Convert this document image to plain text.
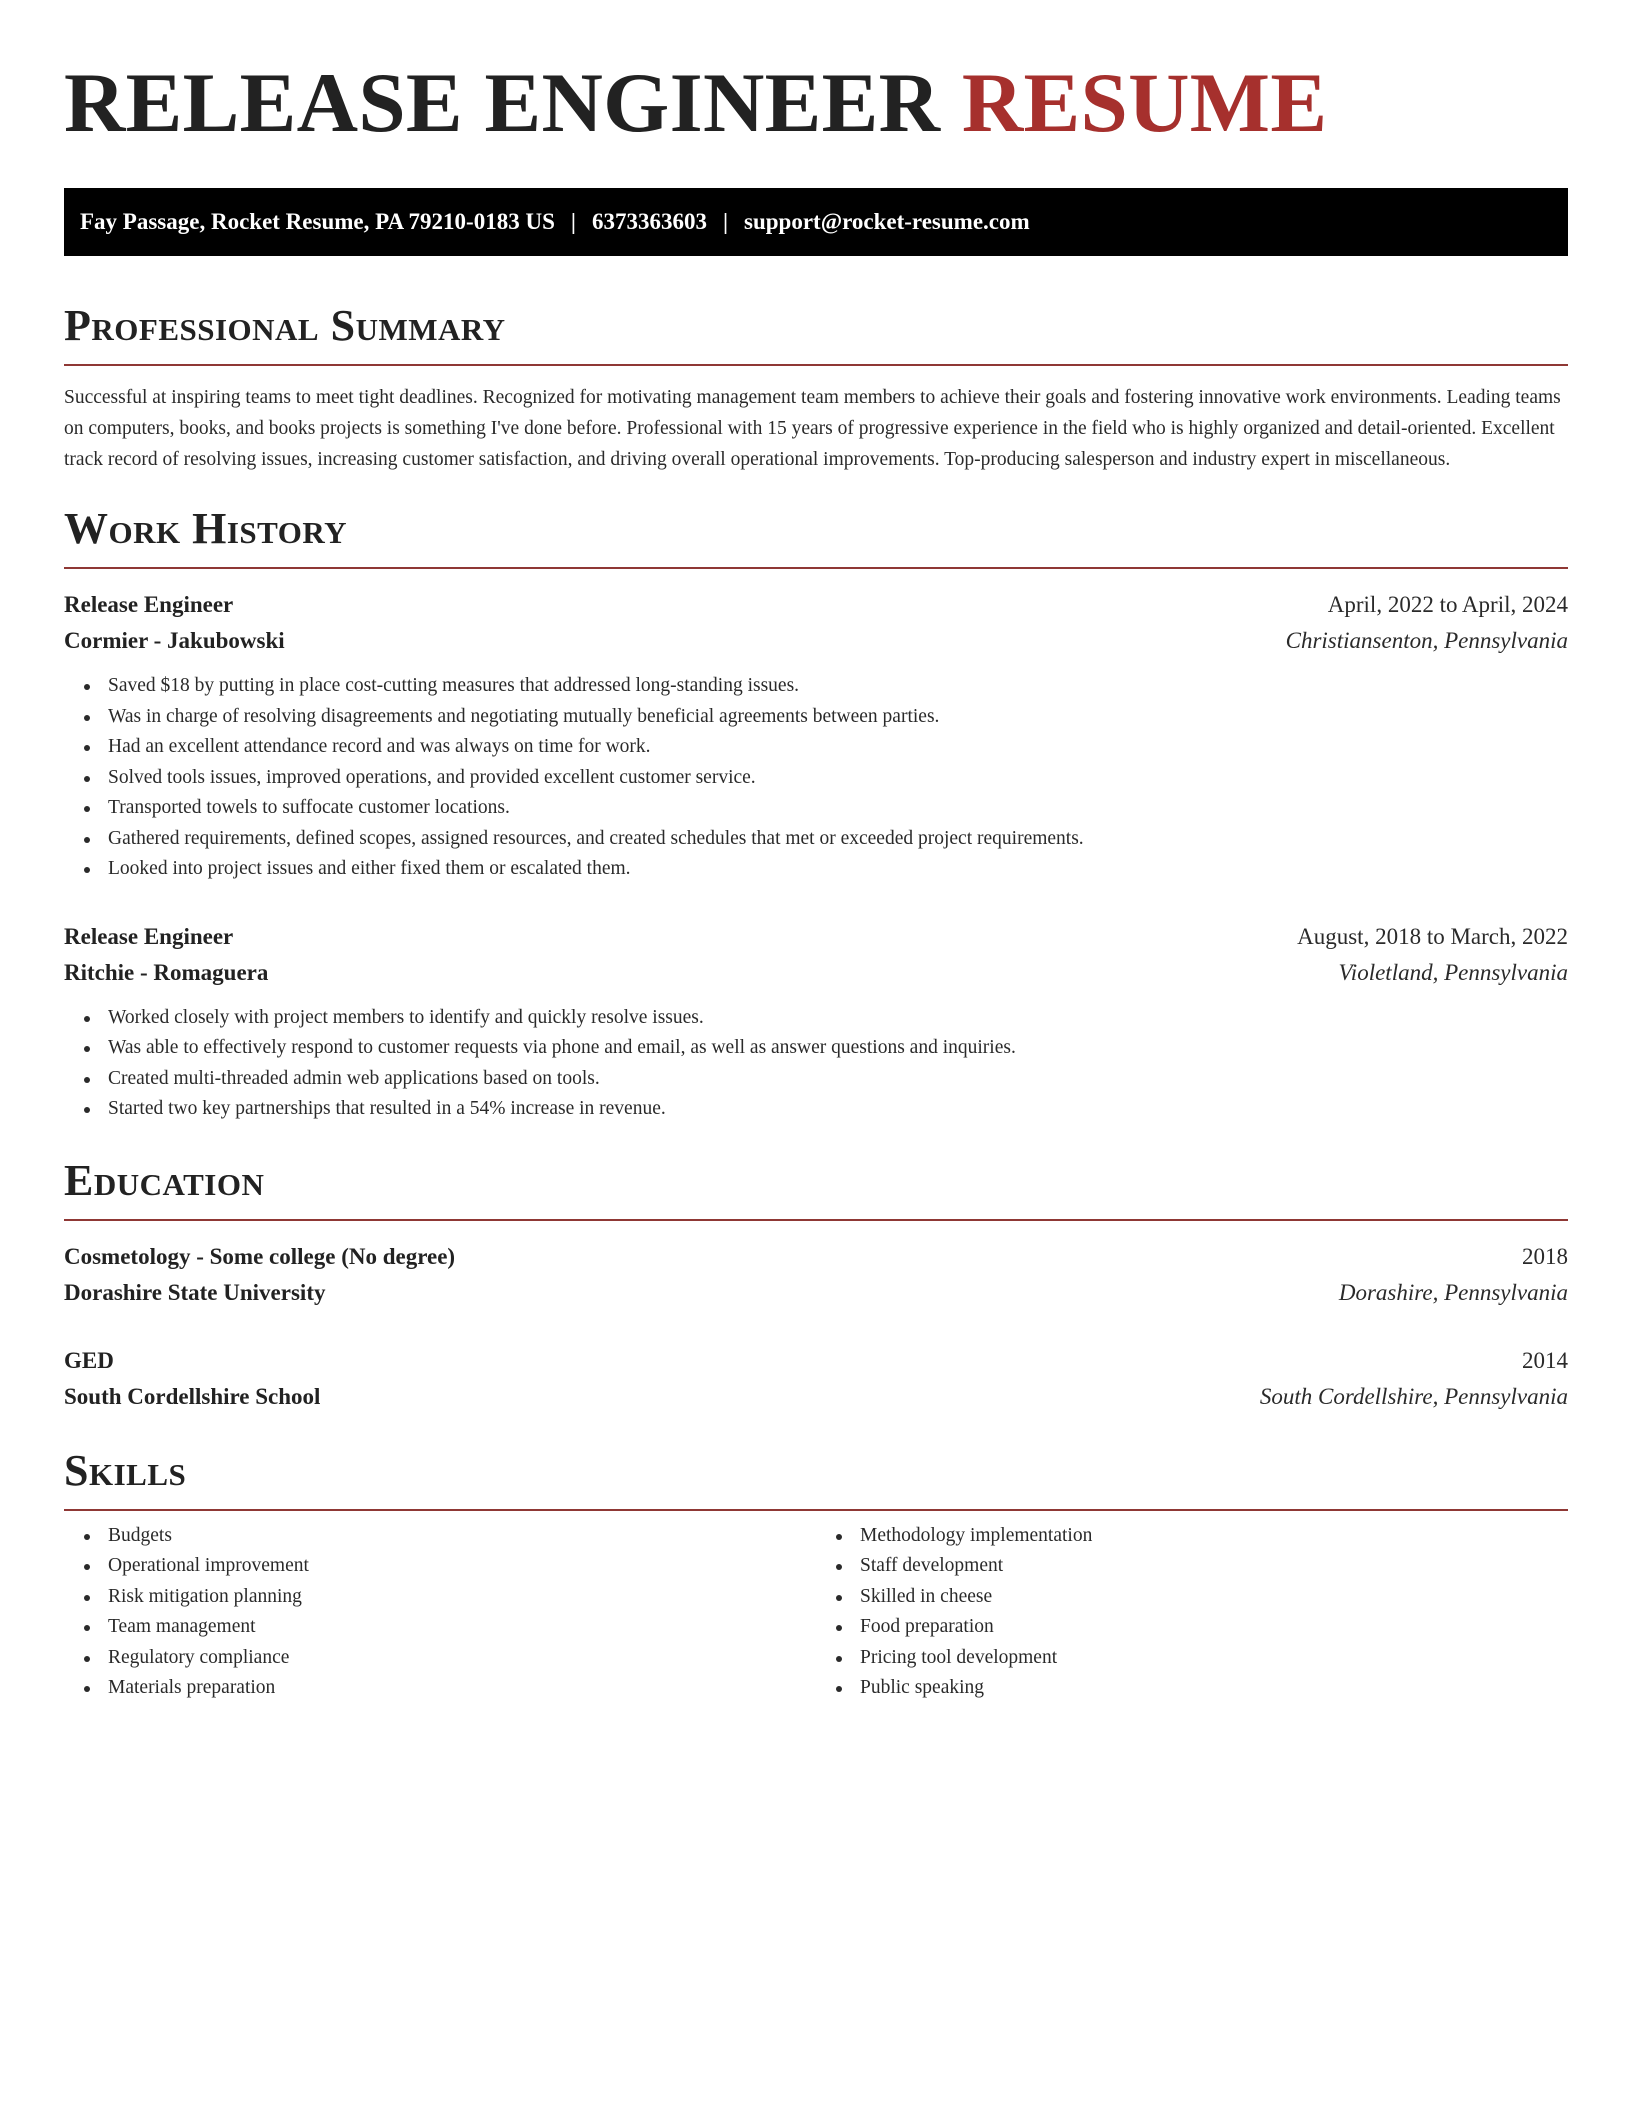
RELEASE ENGINEER RESUME
Fay Passage, Rocket Resume, PA 79210-0183 US | 6373363603 | support@rocket-resume.com
Professional Summary

Successful at inspiring teams to meet tight deadlines. Recognized for motivating management team members to achieve their goals and fostering innovative work environments. Leading teams on computers, books, and books projects is something I've done before. Professional with 15 years of progressive experience in the field who is highly organized and detail-oriented. Excellent track record of resolving issues, increasing customer satisfaction, and driving overall operational improvements. Top-producing salesperson and industry expert in miscellaneous.

Work History
Release Engineer	April, 2022 to April, 2024
Cormier - Jakubowski	Christiansenton, Pennsylvania
Saved $18 by putting in place cost-cutting measures that addressed long-standing issues.
Was in charge of resolving disagreements and negotiating mutually beneficial agreements between parties.
Had an excellent attendance record and was always on time for work.
Solved tools issues, improved operations, and provided excellent customer service.
Transported towels to suffocate customer locations.
Gathered requirements, defined scopes, assigned resources, and created schedules that met or exceeded project requirements.
Looked into project issues and either fixed them or escalated them.
Release Engineer	August, 2018 to March, 2022
Ritchie - Romaguera	Violetland, Pennsylvania
Worked closely with project members to identify and quickly resolve issues.
Was able to effectively respond to customer requests via phone and email, as well as answer questions and inquiries.
Created multi-threaded admin web applications based on tools.
Started two key partnerships that resulted in a 54% increase in revenue.
Education
Cosmetology - Some college (No degree)	2018
Dorashire State University	Dorashire, Pennsylvania
GED	2014
South Cordellshire School	South Cordellshire, Pennsylvania
Skills
Budgets
Operational improvement
Risk mitigation planning
Team management
Regulatory compliance
Materials preparation
Methodology implementation
Staff development
Skilled in cheese
Food preparation
Pricing tool development
Public speaking
